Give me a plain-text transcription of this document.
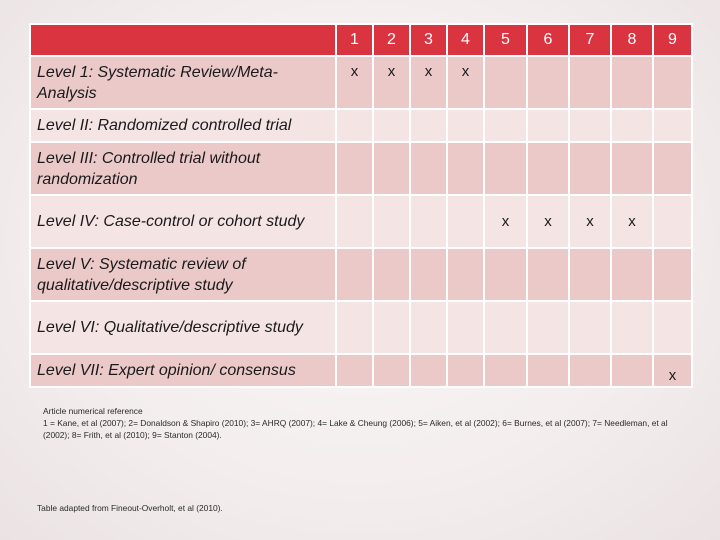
	1	2	3	4	5	6	7	8	9
Level 1: Systematic Review/Meta-Analysis	x	x	x	x					
Level II: Randomized controlled trial									
Level III: Controlled trial without randomization									
Level IV: Case-control or cohort study					x	x	x	x	
Level V: Systematic review of qualitative/descriptive study									
Level VI: Qualitative/descriptive study									
Level VII: Expert opinion/ consensus									x
Article numerical reference
1 = Kane, et al (2007); 2= Donaldson & Shapiro (2010); 3= AHRQ (2007); 4= Lake & Cheung (2006); 5= Aiken, et al (2002); 6= Burnes, et al (2007); 7= Needleman, et al (2002); 8= Frith, et al (2010); 9= Stanton (2004).
Table adapted from Fineout-Overholt, et al (2010).
